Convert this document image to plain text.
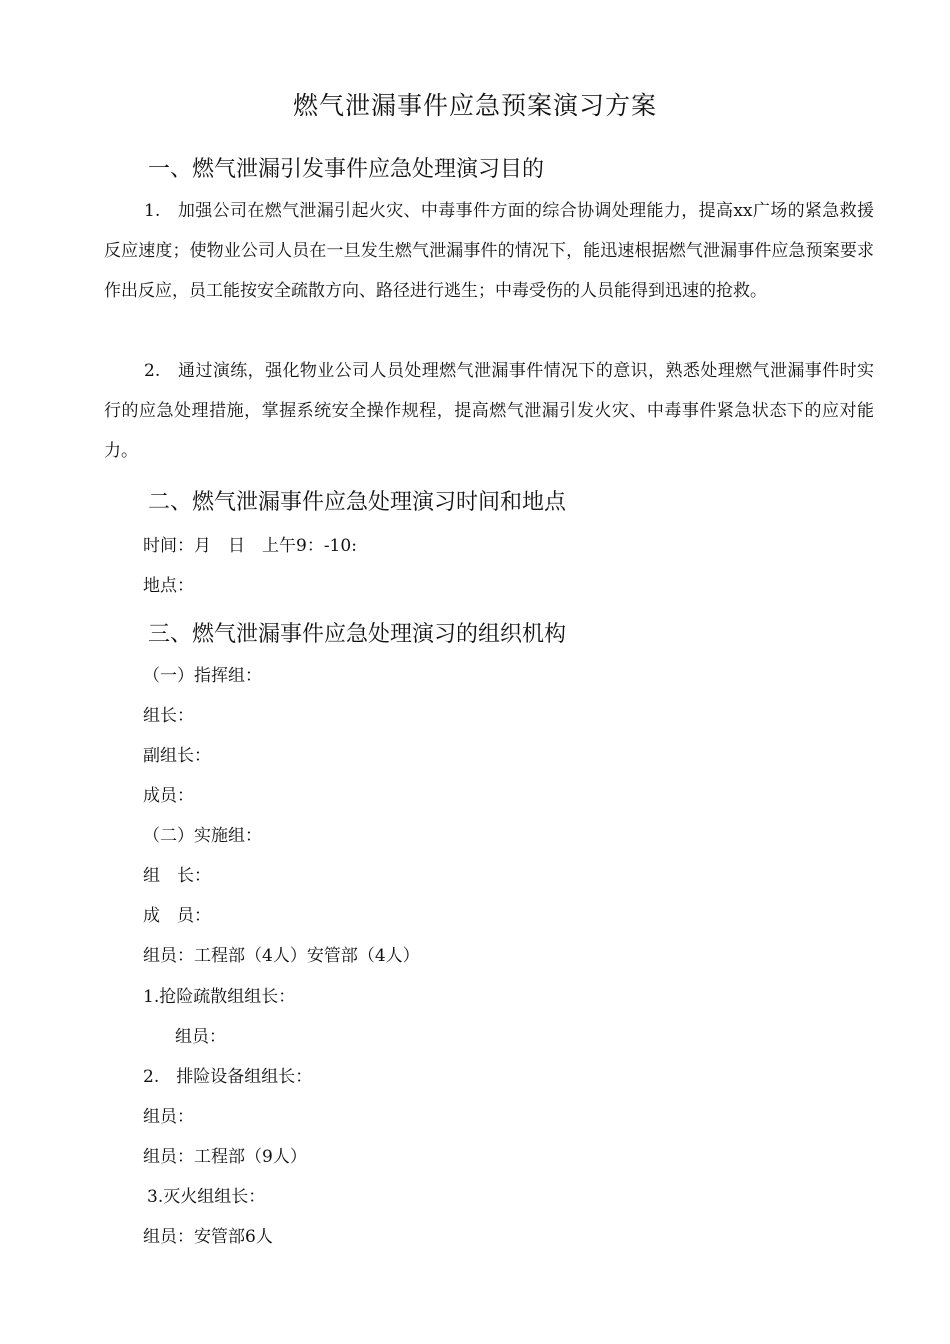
燃气泄漏事件应急预案演习方案
一、燃气泄漏引发事件应急处理演习目的
1.　加强公司在燃气泄漏引起火灾、中毒事件方面的综合协调处理能力，提高xx广场的紧急救援反应速度；使物业公司人员在一旦发生燃气泄漏事件的情况下，能迅速根据燃气泄漏事件应急预案要求作出反应，员工能按安全疏散方向、路径进行逃生；中毒受伤的人员能得到迅速的抢救。
2.　通过演练，强化物业公司人员处理燃气泄漏事件情况下的意识，熟悉处理燃气泄漏事件时实行的应急处理措施，掌握系统安全操作规程，提高燃气泄漏引发火灾、中毒事件紧急状态下的应对能力。
二、燃气泄漏事件应急处理演习时间和地点
时间：月　日　上午9：-10:
地点：
三、燃气泄漏事件应急处理演习的组织机构
（一）指挥组：
组长：
副组长：
成员：
（二）实施组：
组　长：
成　员：
组员：工程部（4人）安管部（4人）
1.抢险疏散组组长：
组员：
2.　排险设备组组长：
组员：
组员：工程部（9人）
3.灭火组组长：
组员：安管部6人
